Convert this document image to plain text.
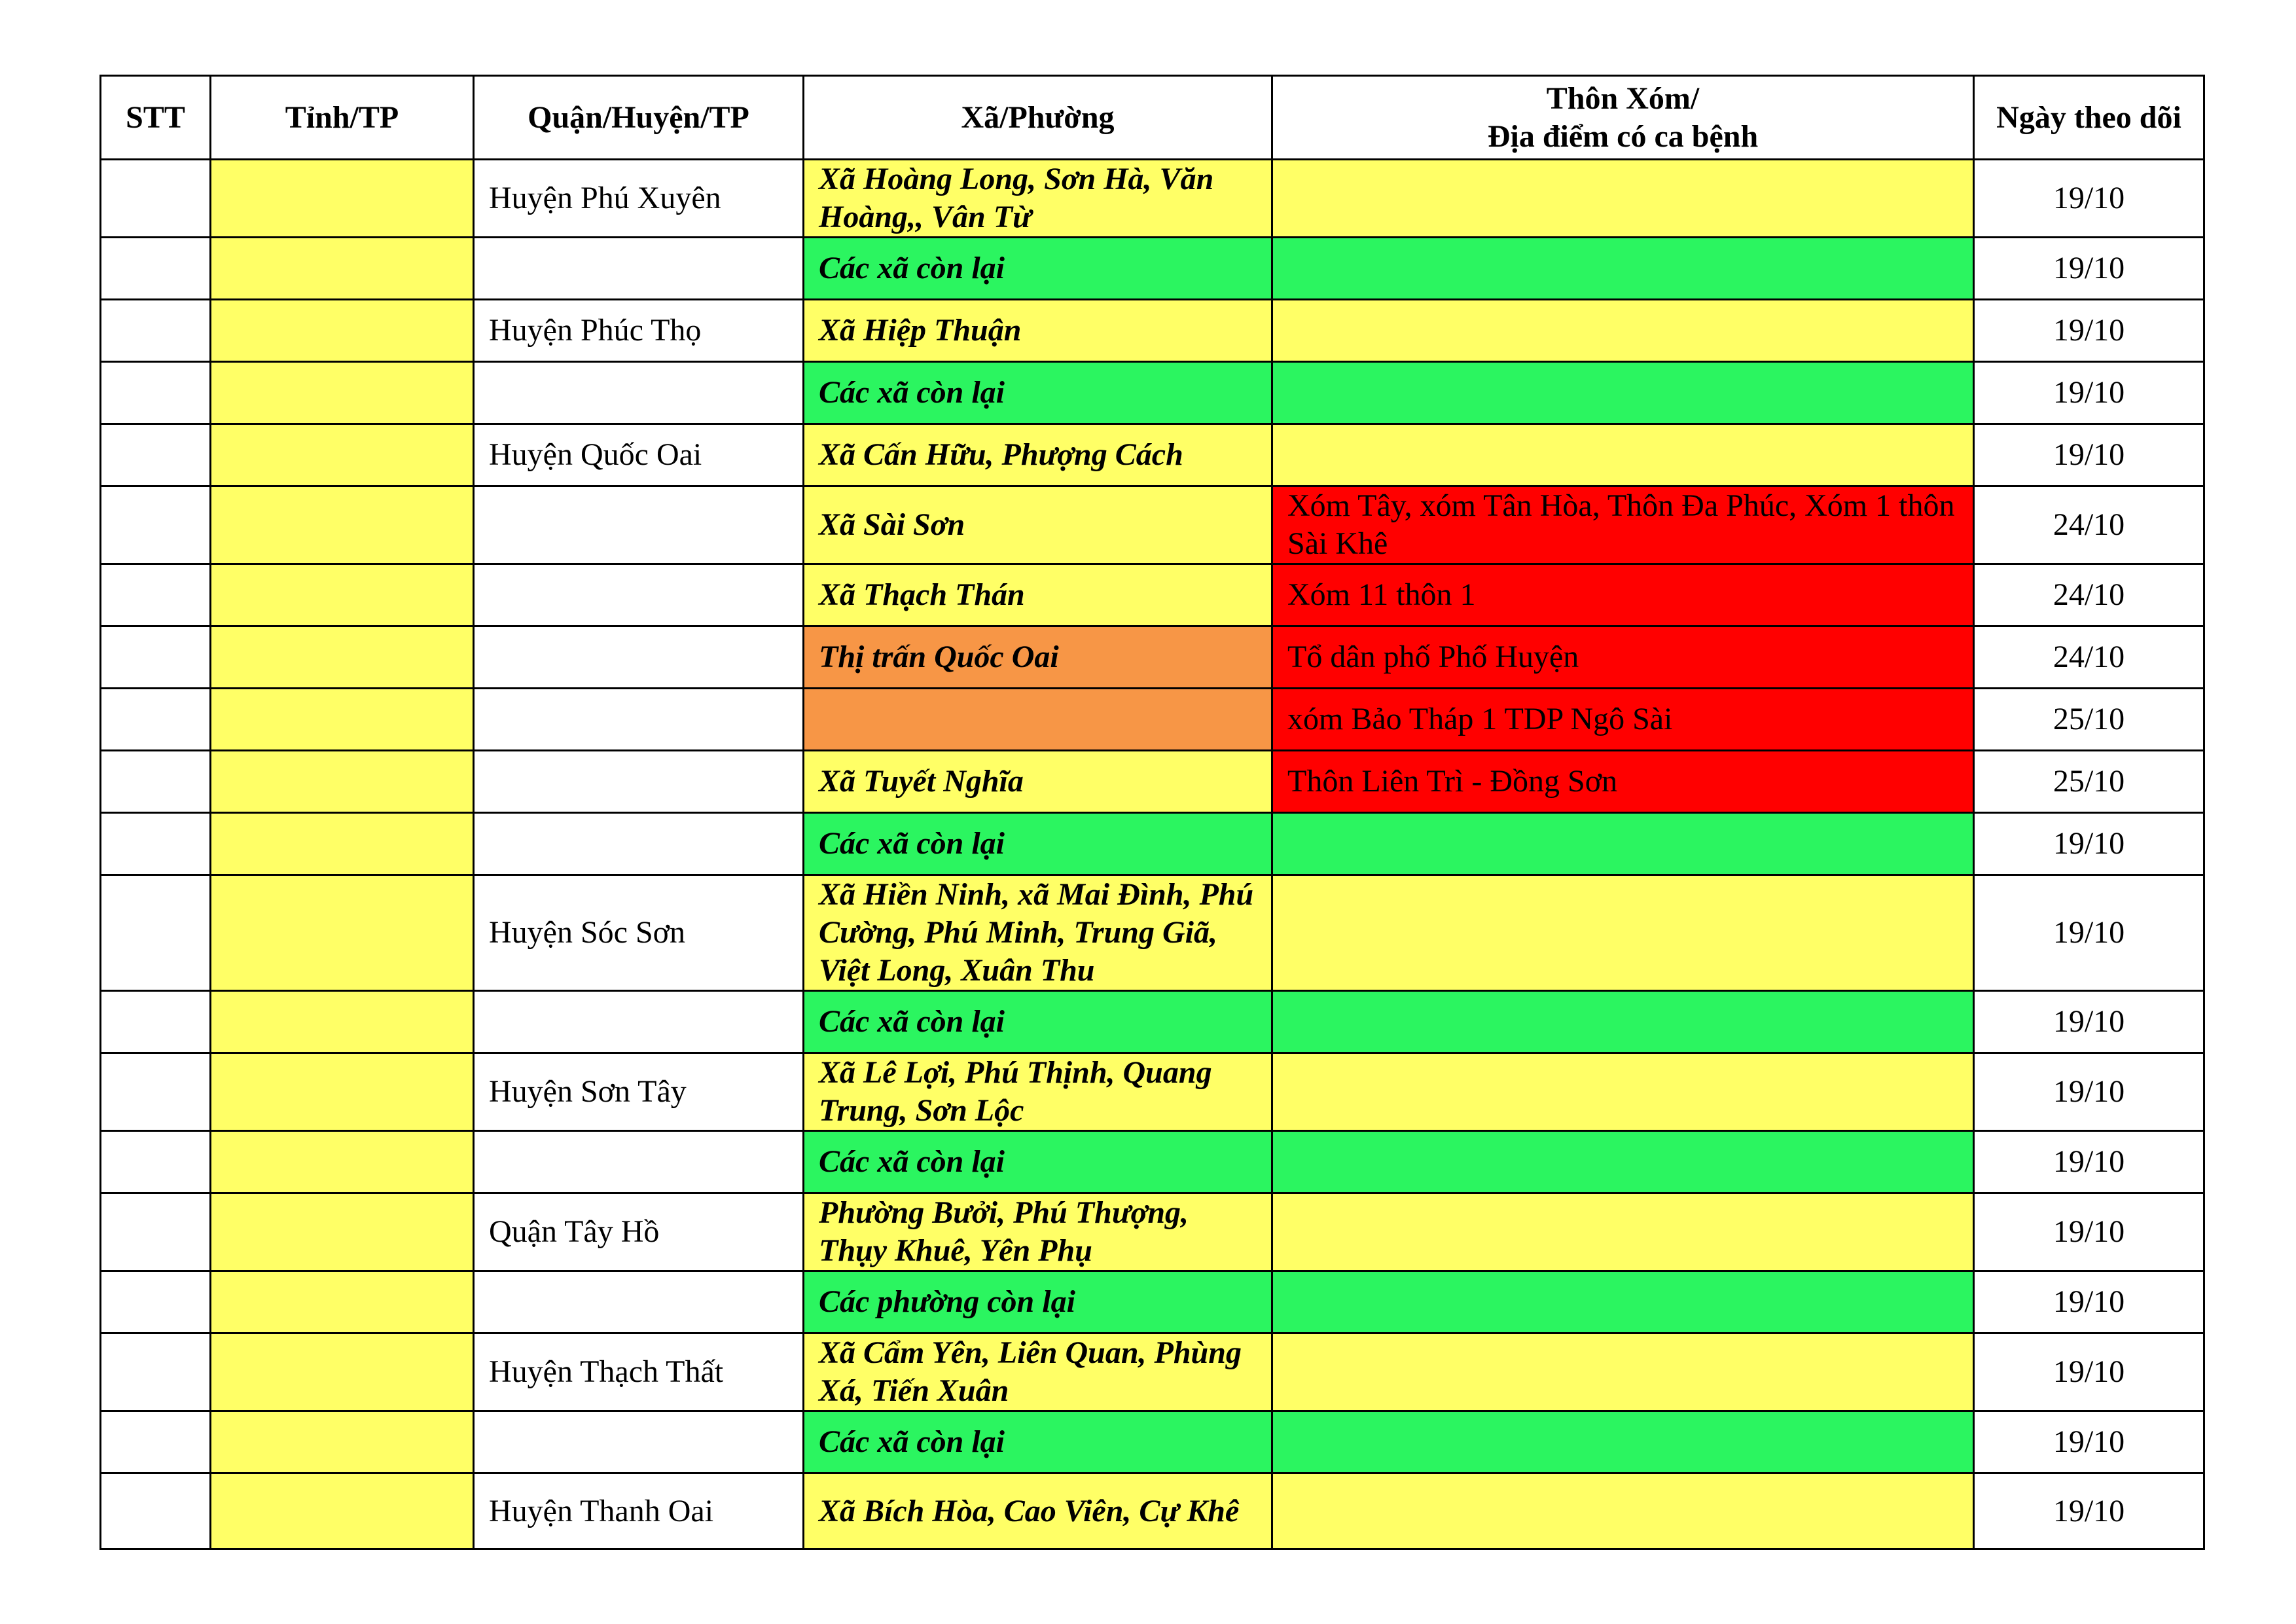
STT	Tỉnh/TP	Quận/Huyện/TP	Xã/Phường	Thôn Xóm/
Địa điểm có ca bệnh	Ngày theo dõi
		Huyện Phú Xuyên	Xã Hoàng Long, Sơn Hà, Văn Hoàng,, Vân Từ		19/10
			Các xã còn lại		19/10
		Huyện Phúc Thọ	Xã Hiệp Thuận		19/10
			Các xã còn lại		19/10
		Huyện Quốc Oai	Xã Cấn Hữu, Phượng Cách		19/10
			Xã Sài Sơn	Xóm Tây, xóm Tân Hòa, Thôn Đa Phúc, Xóm 1 thôn Sài Khê	24/10
			Xã Thạch Thán	Xóm 11 thôn 1	24/10
			Thị trấn Quốc Oai	Tổ dân phố Phố Huyện	24/10
				xóm Bảo Tháp 1 TDP Ngô Sài	25/10
			Xã Tuyết Nghĩa	Thôn Liên Trì - Đồng Sơn	25/10
			Các xã còn lại		19/10
		Huyện Sóc Sơn	Xã Hiền Ninh, xã Mai Đình, Phú Cường, Phú Minh, Trung Giã, Việt Long, Xuân Thu		19/10
			Các xã còn lại		19/10
		Huyện Sơn Tây	Xã Lê Lợi, Phú Thịnh, Quang Trung, Sơn Lộc		19/10
			Các xã còn lại		19/10
		Quận Tây Hồ	Phường Bưởi, Phú Thượng, Thụy Khuê, Yên Phụ		19/10
			Các phường còn lại		19/10
		Huyện Thạch Thất	Xã Cẩm Yên, Liên Quan, Phùng Xá, Tiến Xuân		19/10
			Các xã còn lại		19/10
		Huyện Thanh Oai	Xã Bích Hòa, Cao Viên, Cự Khê		19/10
